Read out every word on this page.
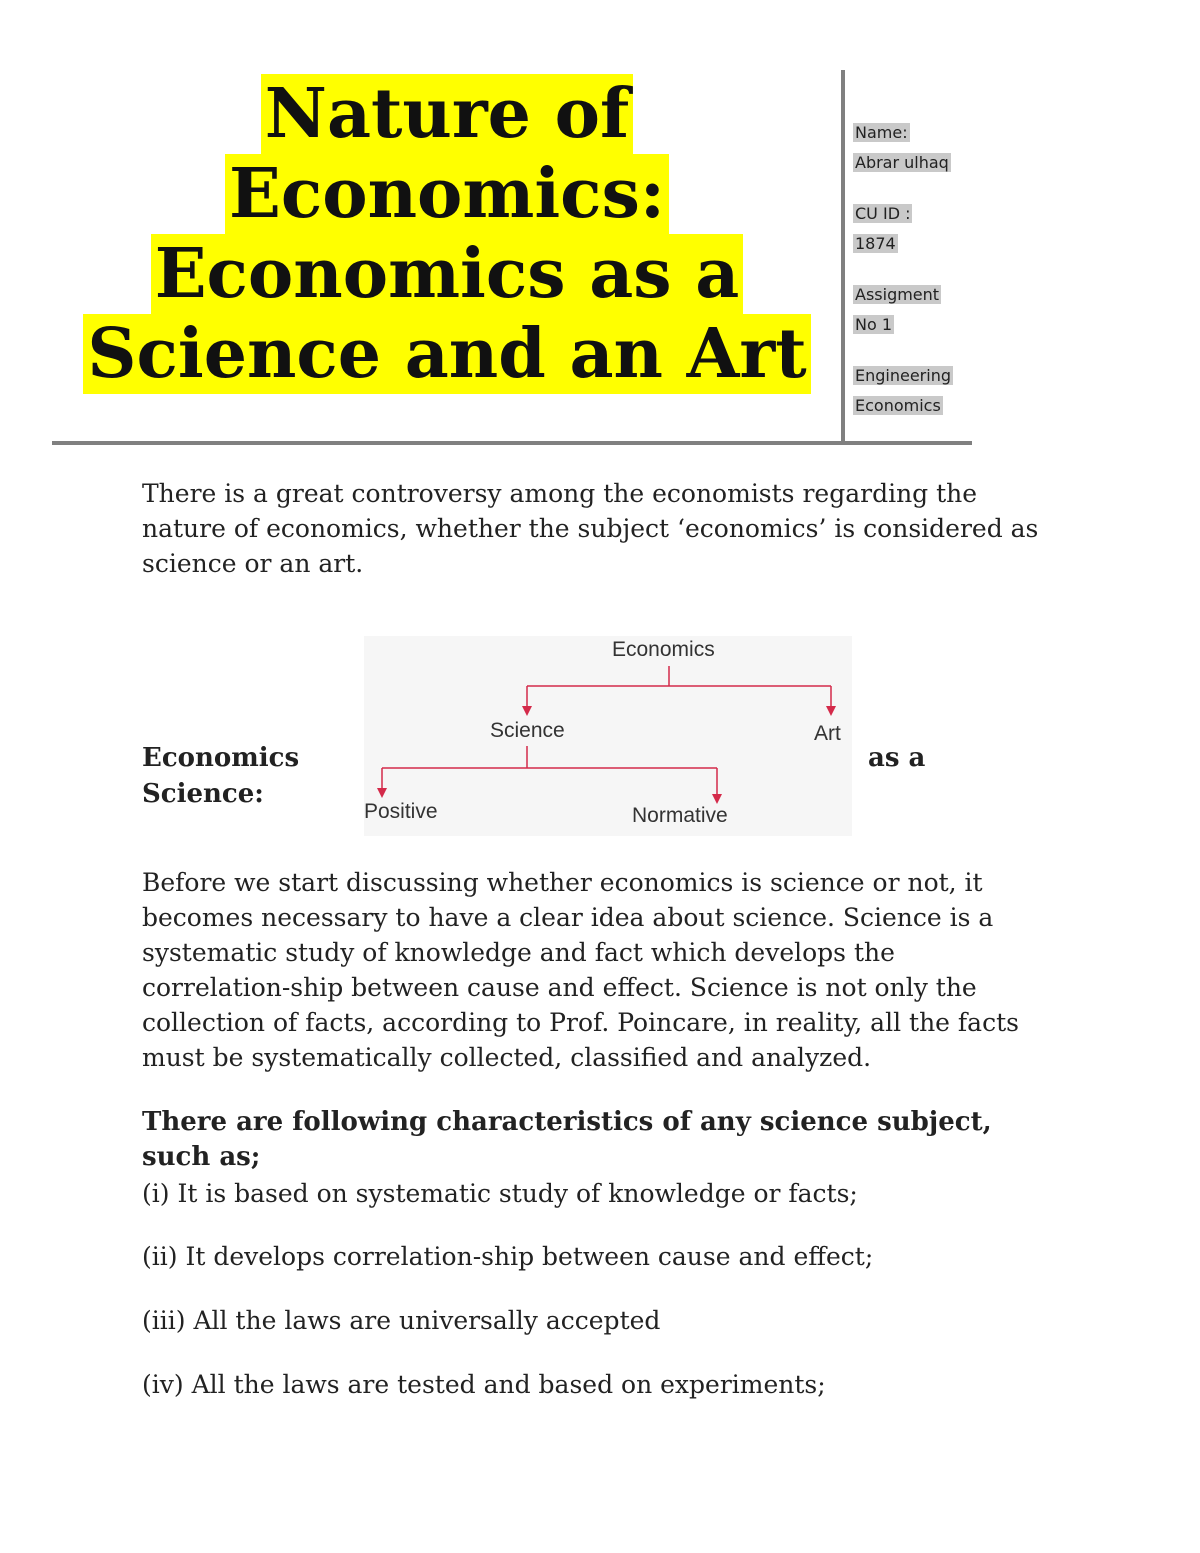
Nature of
Economics:
Economics as a
Science and an Art
Name:
Abrar ulhaq
CU ID :
1874
Assigment
No 1
Engineering
Economics
There is a great controversy among the economists regarding the
nature of economics, whether the subject ‘economics’ is considered as
science or an art.
Economics
Science	Art
Positive	Normative
Economics	as a
Science:
Before we start discussing whether economics is science or not, it
becomes necessary to have a clear idea about science. Science is a
systematic study of knowledge and fact which develops the
correlation-ship between cause and effect. Science is not only the
collection of facts, according to Prof. Poincare, in reality, all the facts
must be systematically collected, classified and analyzed.
There are following characteristics of any science subject,
such as;
(i) It is based on systematic study of knowledge or facts;
(ii) It develops correlation-ship between cause and effect;
(iii) All the laws are universally accepted
(iv) All the laws are tested and based on experiments;
